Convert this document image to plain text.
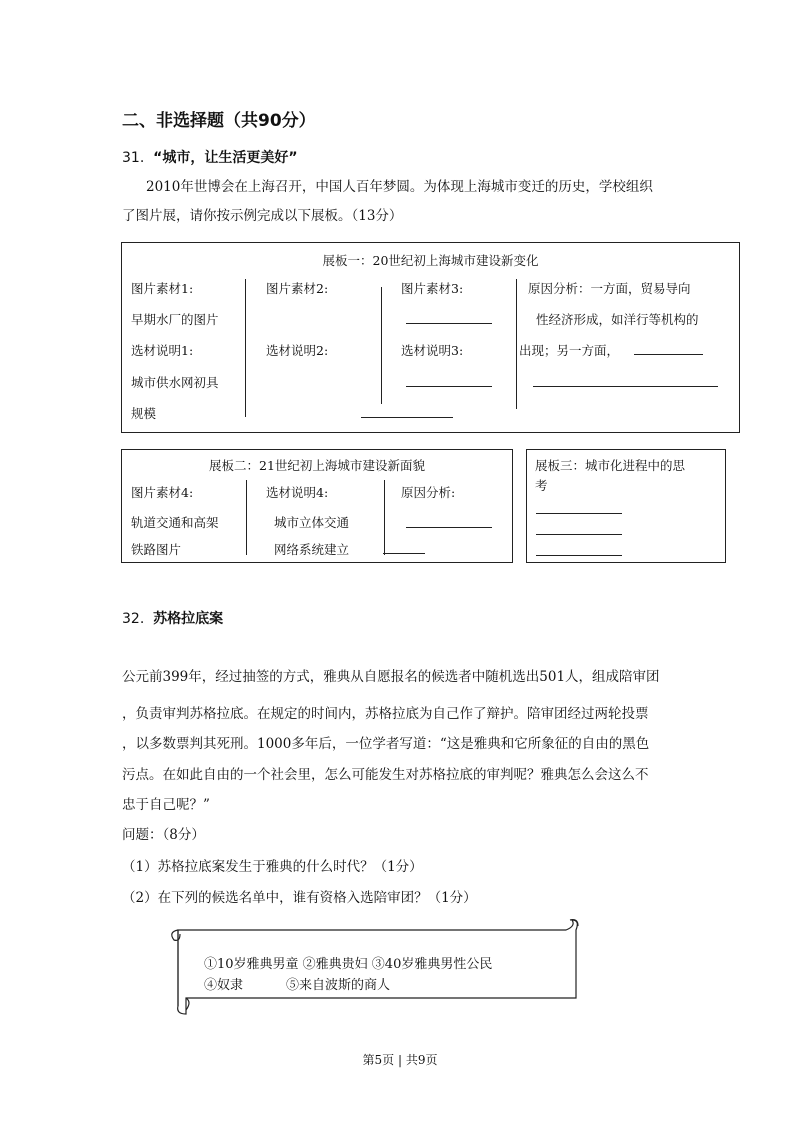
二、非选择题（共90分）
31. “城市，让生活更美好”
2010年世博会在上海召开，中国人百年梦圆。为体现上海城市变迁的历史，学校组织
了图片展，请你按示例完成以下展板。（13分）
展板一：20世纪初上海城市建设新变化
图片素材1:
早期水厂的图片
选材说明1:
城市供水网初具
规模
图片素材2:
选材说明2:
图片素材3:
选材说明3:
原因分析：一方面，贸易导向
性经济形成，如洋行等机构的
出现；另一方面，
展板二：21世纪初上海城市建设新面貌
图片素材4:
轨道交通和高架
铁路图片
选材说明4:
城市立体交通
网络系统建立
原因分析:
展板三：城市化进程中的思
考
32. 苏格拉底案
公元前399年，经过抽签的方式，雅典从自愿报名的候选者中随机选出501人，组成陪审团
，负责审判苏格拉底。在规定的时间内，苏格拉底为自己作了辩护。陪审团经过两轮投票
，以多数票判其死刑。1000多年后，一位学者写道：“这是雅典和它所象征的自由的黑色
污点。在如此自由的一个社会里，怎么可能发生对苏格拉底的审判呢？雅典怎么会这么不
忠于自己呢？”
问题：（8分）
（1）苏格拉底案发生于雅典的什么时代？（1分）
（2）在下列的候选名单中，谁有资格入选陪审团？（1分）
①10岁雅典男童 ②雅典贵妇 ③40岁雅典男性公民
④奴隶	⑤来自波斯的商人
第5页 | 共9页
